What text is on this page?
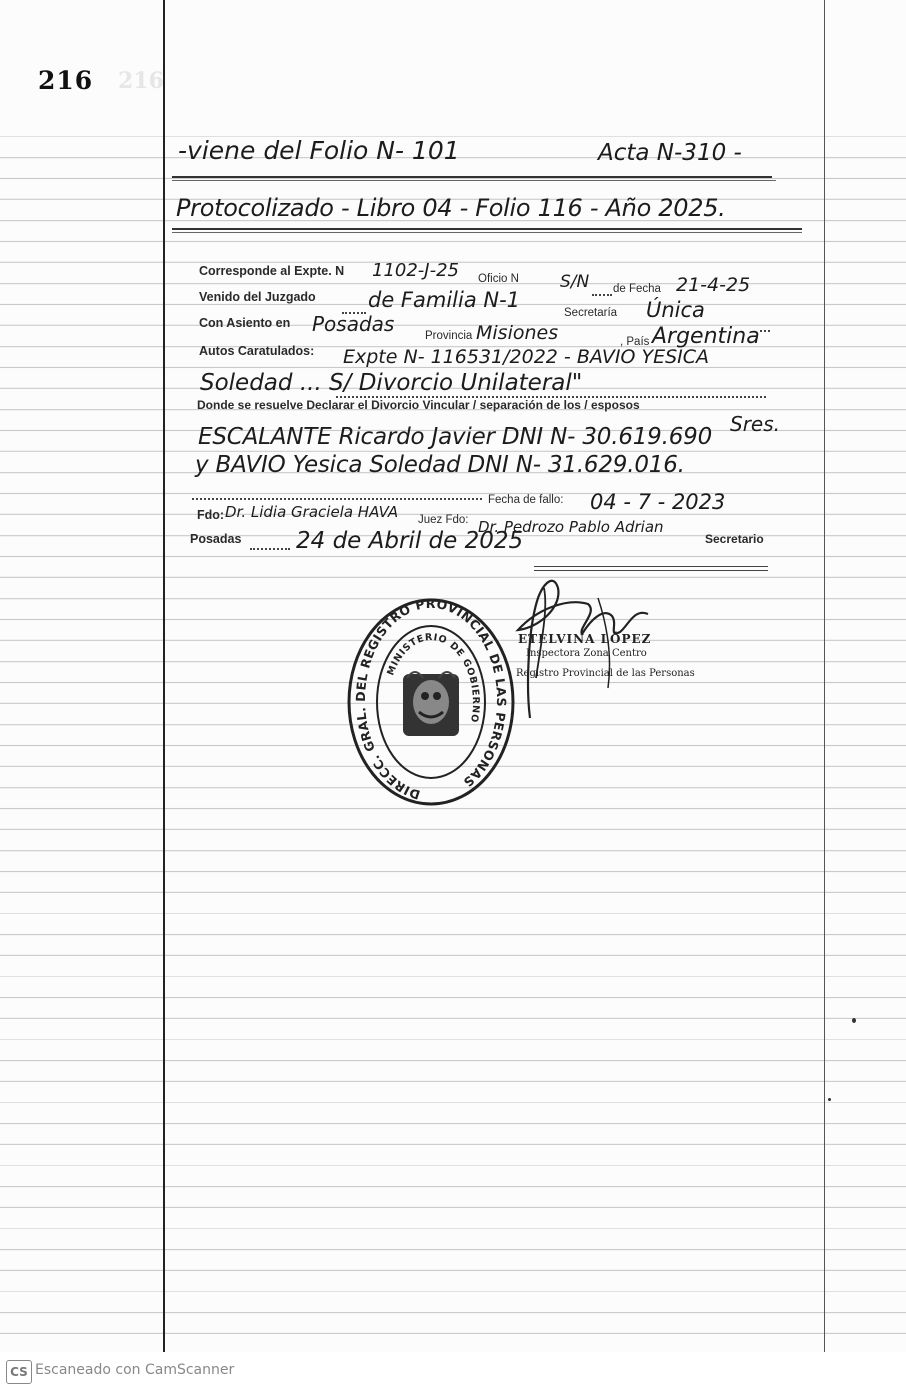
216 216
-viene del Folio N- 101	Acta N-310 -
Protocolizado - Libro 04 - Folio 116 - Año 2025.
Corresponde al Expte. N 1102-J-25 Oficio N S/N de Fecha 21-4-25
Venido del Juzgado de Familia N-1
Secretaría Única
Con Asiento en Posadas	Provincia Misiones	, País Argentina
Autos Caratulados: Expte N- 116531/2022 - BAVIO YESICA
Soledad ... S/ Divorcio Unilateral"
Donde se resuelve Declarar el Divorcio Vincular / separación de los / esposos
Sres.
ESCALANTE Ricardo Javier DNI N- 30.619.690
y BAVIO Yesica Soledad DNI N- 31.629.016.
Fecha de fallo: 04 - 7 - 2023
Fdo: Dr. Lidia Graciela HAVA Juez Fdo: Dr. Pedrozo Pablo Adrian
Secretario
Posadas 24 de Abril de 2025
DIRECC. GRAL. DEL REGISTRO PROVINCIAL DE LAS PERSONAS
MINISTERIO DE GOBIERNO
ETELVINA LÓPEZ
Inspectora Zona Centro
Registro Provincial de las Personas
CS Escaneado con CamScanner
